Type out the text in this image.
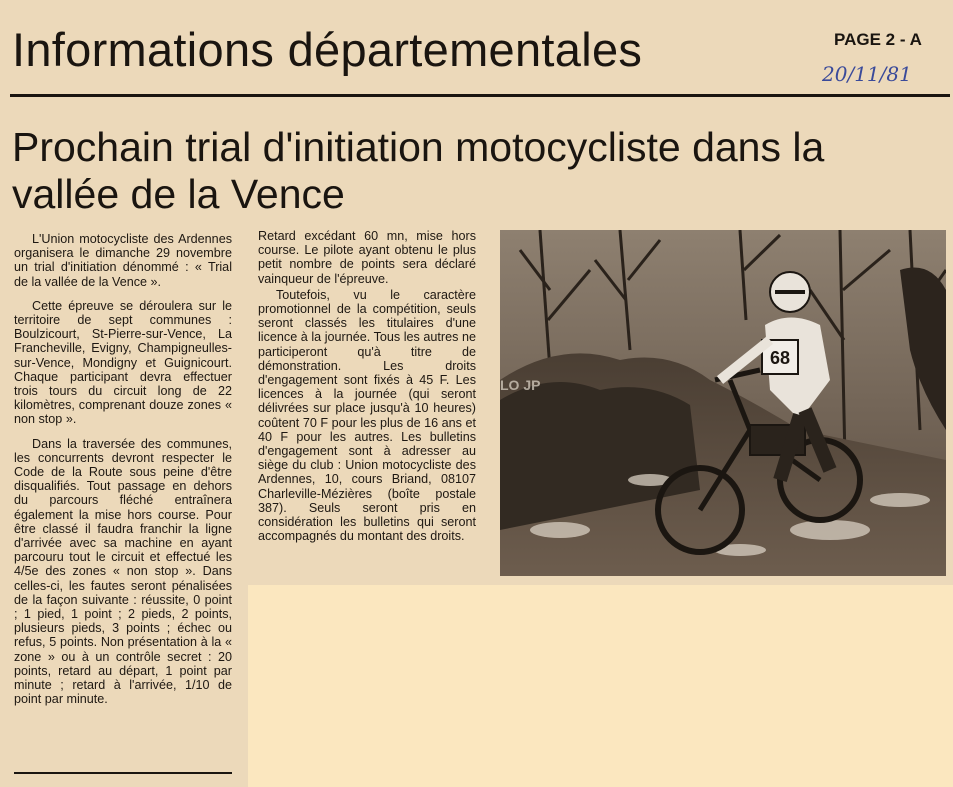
Informations départementales	PAGE 2 - A
20/11/81
Prochain trial d'initiation motocycliste dans la vallée de la Vence

L'Union motocycliste des Ardennes organisera le dimanche 29 novembre un trial d'initiation dénommé : « Trial de la vallée de la Vence ».

Cette épreuve se déroulera sur le territoire de sept communes : Boulzicourt, St-Pierre-sur-Vence, La Francheville, Evigny, Champigneulles-sur-Vence, Mondigny et Guignicourt. Chaque participant devra effectuer trois tours du circuit long de 22 kilomètres, comprenant douze zones « non stop ».

Dans la traversée des communes, les concurrents devront respecter le Code de la Route sous peine d'être disqualifiés. Tout passage en dehors du parcours fléché entraînera également la mise hors course. Pour être classé il faudra franchir la ligne d'arrivée avec sa machine en ayant parcouru tout le circuit et effectué les 4/5e des zones « non stop ». Dans celles-ci, les fautes seront pénalisées de la façon suivante : réussite, 0 point ; 1 pied, 1 point ; 2 pieds, 2 points, plusieurs pieds, 3 points ; échec ou refus, 5 points. Non présentation à la « zone » ou à un contrôle secret : 20 points, retard au départ, 1 point par minute ; retard à l'arrivée, 1/10 de point par minute.

Retard excédant 60 mn, mise hors course. Le pilote ayant obtenu le plus petit nombre de points sera déclaré vainqueur de l'épreuve.

Toutefois, vu le caractère promotionnel de la compétition, seuls seront classés les titulaires d'une licence à la journée. Tous les autres ne participeront qu'à titre de démonstration. Les droits d'engagement sont fixés à 45 F. Les licences à la journée (qui seront délivrées sur place jusqu'à 10 heures) coûtent 70 F pour les plus de 16 ans et 40 F pour les autres. Les bulletins d'engagement sont à adresser au siège du club : Union motocycliste des Ardennes, 10, cours Briand, 08107 Charleville-Mézières (boîte postale 387). Seuls seront pris en considération les bulletins qui seront accompagnés du montant des droits.

68
LO JP
